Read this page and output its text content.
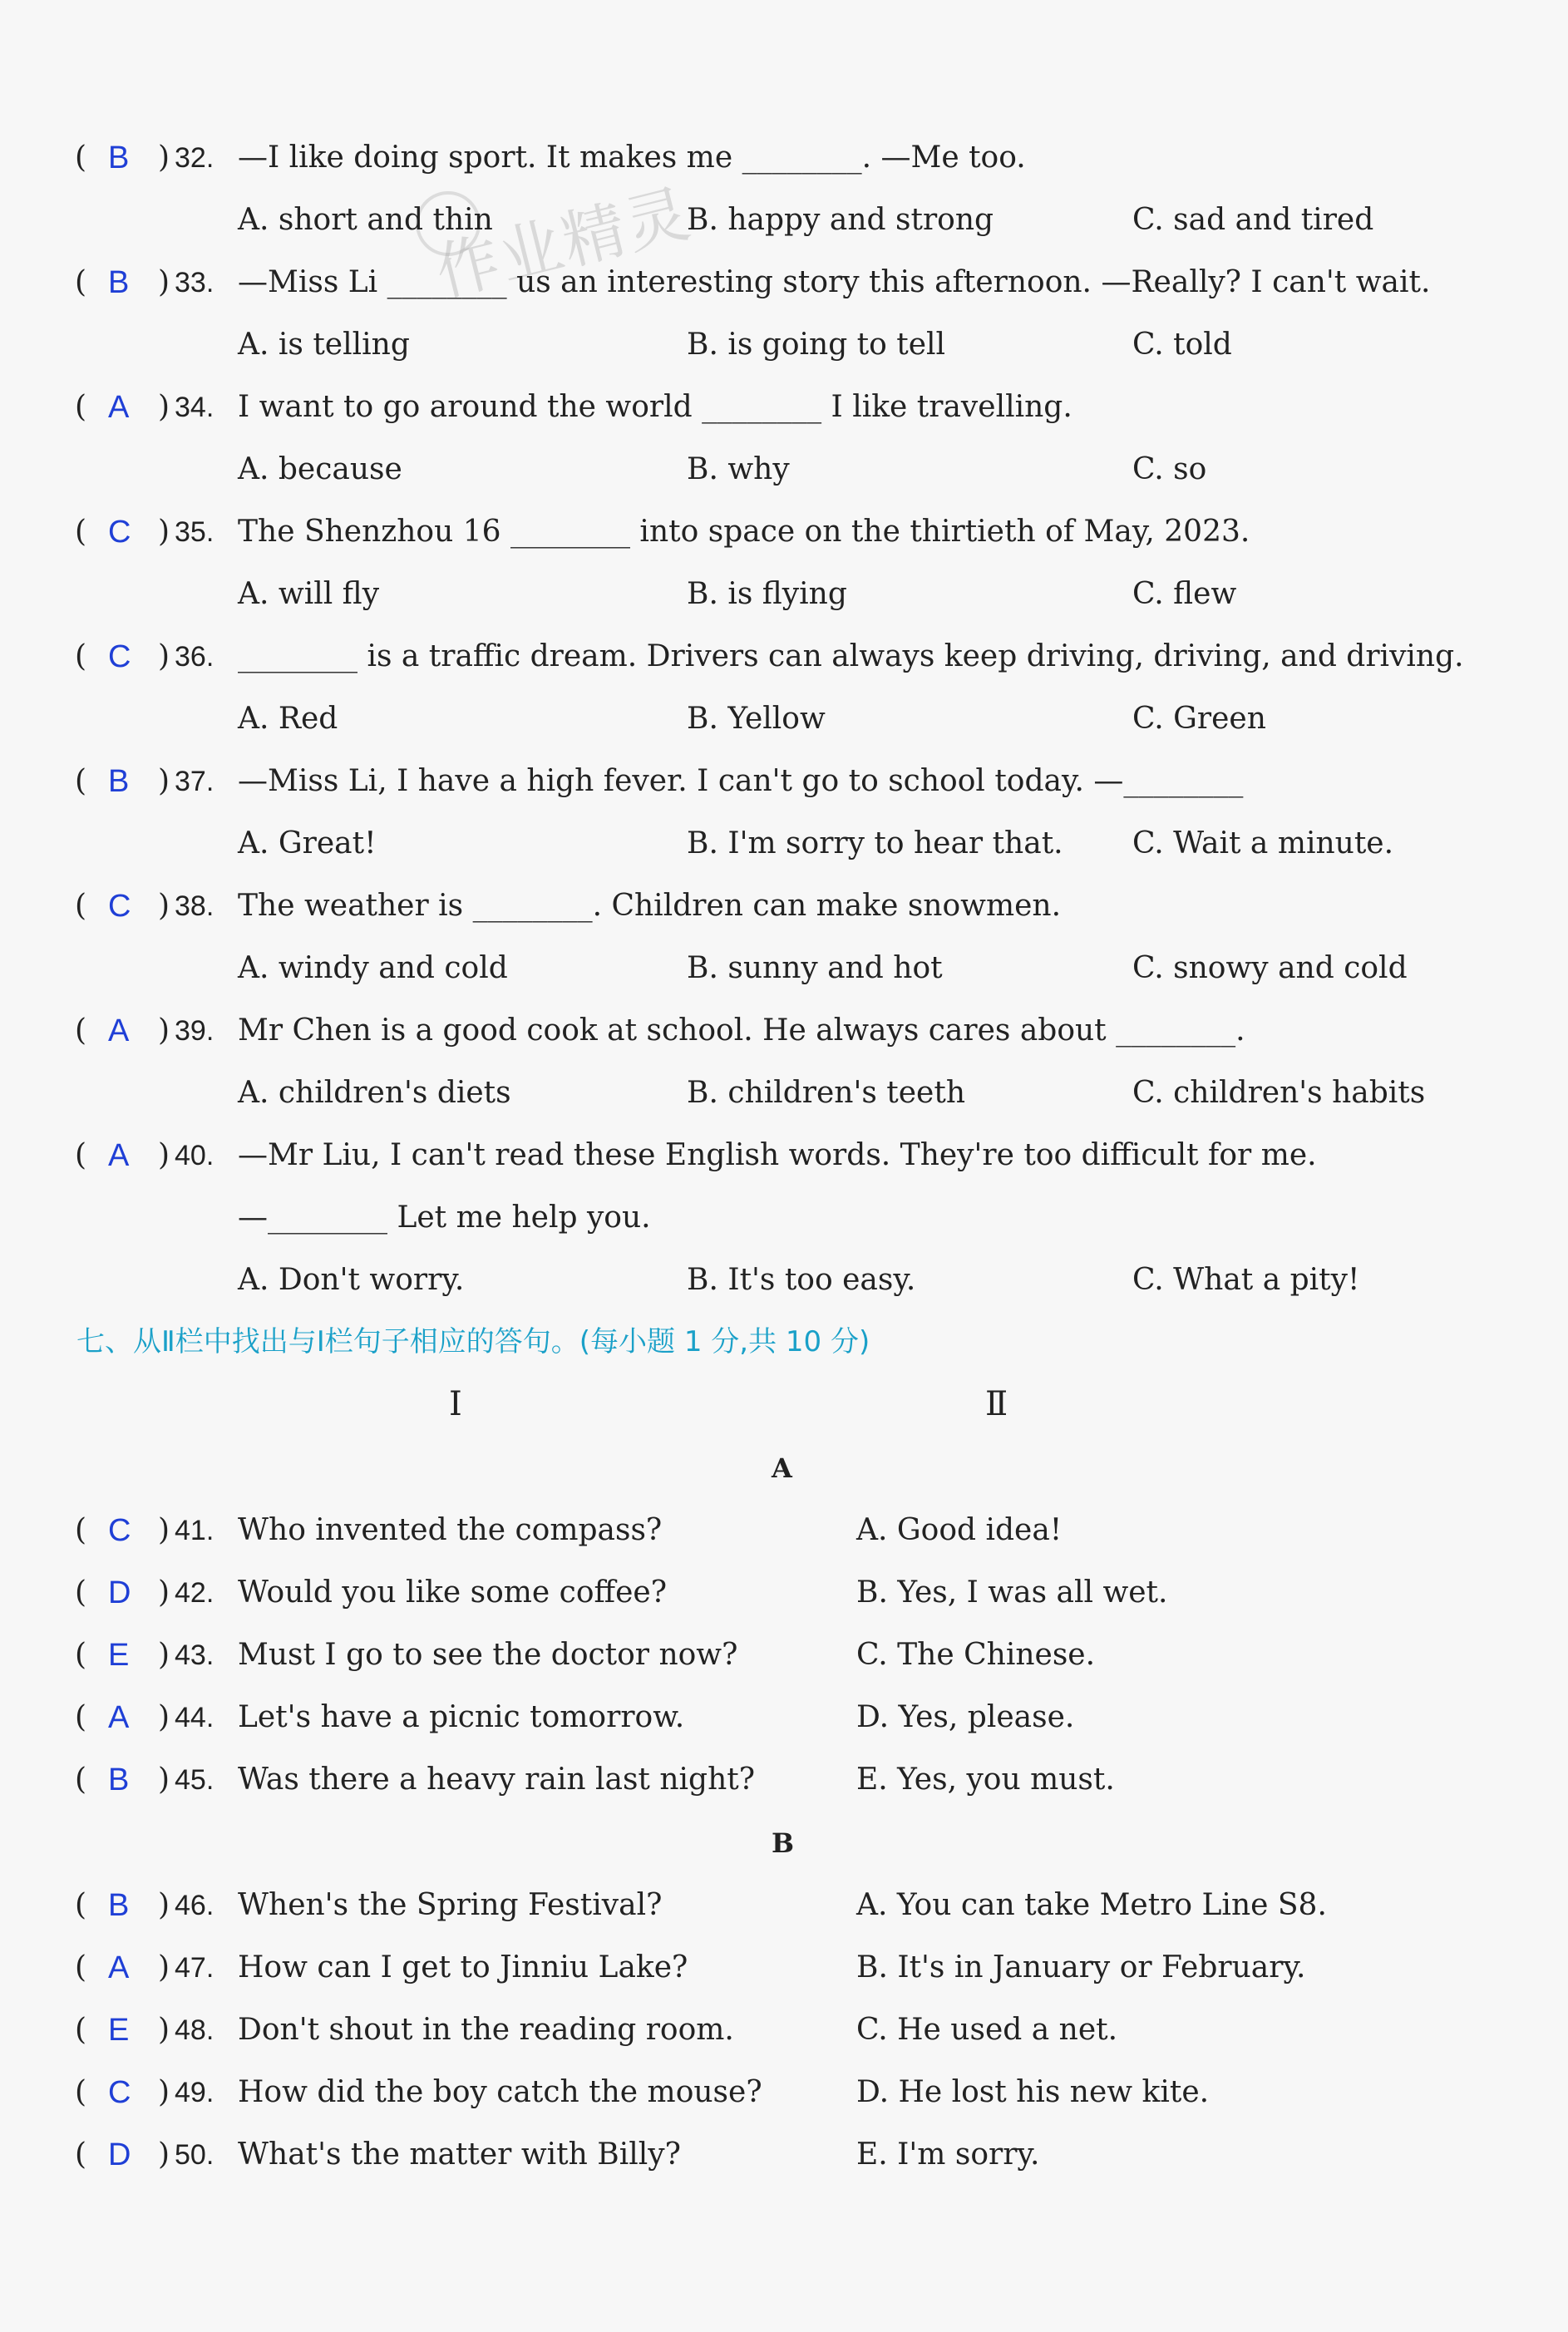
作业精灵
( B ) 32. —I like doing sport. It makes me ________. —Me too.
A. short and thin	B. happy and strong	C. sad and tired
( B ) 33. —Miss Li ________ us an interesting story this afternoon. —Really? I can't wait.
A. is telling	B. is going to tell	C. told
( A ) 34. I want to go around the world ________ I like travelling.
A. because	B. why	C. so
( C ) 35. The Shenzhou 16 ________ into space on the thirtieth of May, 2023.
A. will fly	B. is flying	C. flew
( C ) 36. ________ is a traffic dream. Drivers can always keep driving, driving, and driving.
A. Red	B. Yellow	C. Green
( B ) 37. —Miss Li, I have a high fever. I can't go to school today. —________
A. Great!	B. I'm sorry to hear that. C. Wait a minute.
( C ) 38. The weather is ________. Children can make snowmen.
A. windy and cold	B. sunny and hot	C. snowy and cold
( A ) 39. Mr Chen is a good cook at school. He always cares about ________.
A. children's diets	B. children's teeth	C. children's habits
( A ) 40. —Mr Liu, I can't read these English words. They're too difficult for me.
—________ Let me help you.
A. Don't worry.	B. It's too easy.	C. What a pity!
七、从Ⅱ栏中找出与Ⅰ栏句子相应的答句。(每小题 1 分,共 10 分)
Ⅰ	Ⅱ
A
B
( C ) 41. Who invented the compass?	A. Good idea!
( D ) 42. Would you like some coffee?	B. Yes, I was all wet.
( E ) 43. Must I go to see the doctor now?	C. The Chinese.
( A ) 44. Let's have a picnic tomorrow.	D. Yes, please.
( B ) 45. Was there a heavy rain last night?	E. Yes, you must.
( B ) 46. When's the Spring Festival?	A. You can take Metro Line S8.
( A ) 47. How can I get to Jinniu Lake?	B. It's in January or February.
( E ) 48. Don't shout in the reading room.	C. He used a net.
( C ) 49. How did the boy catch the mouse?	D. He lost his new kite.
( D ) 50. What's the matter with Billy?	E. I'm sorry.
